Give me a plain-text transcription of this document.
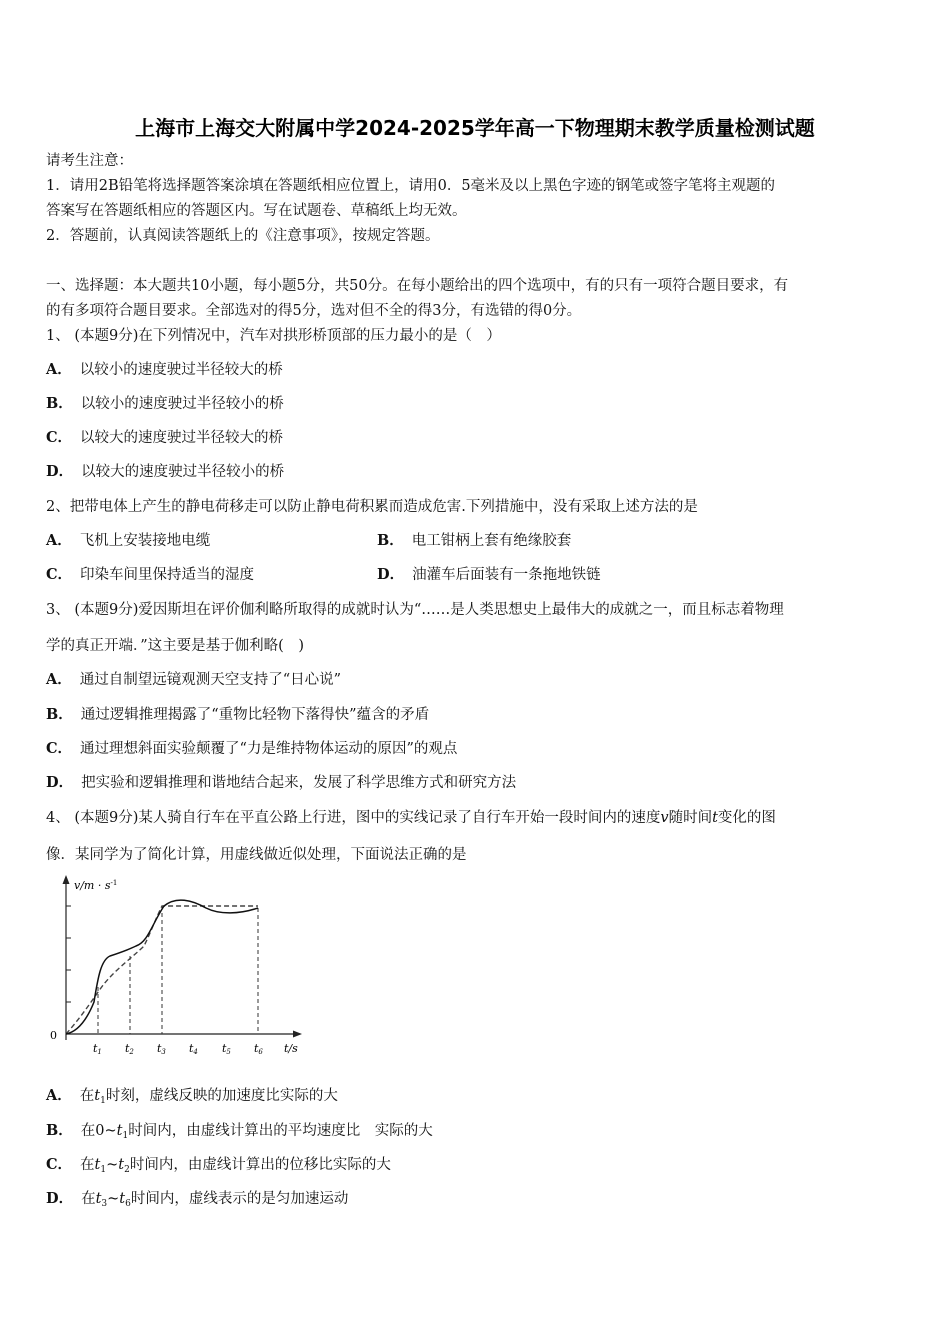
上海市上海交大附属中学2024-2025学年高一下物理期末教学质量检测试题
请考生注意：
1．请用2B铅笔将选择题答案涂填在答题纸相应位置上，请用0．5毫米及以上黑色字迹的钢笔或签字笔将主观题的
答案写在答题纸相应的答题区内。写在试题卷、草稿纸上均无效。
2．答题前，认真阅读答题纸上的《注意事项》，按规定答题。
一、选择题：本大题共10小题，每小题5分，共50分。在每小题给出的四个选项中，有的只有一项符合题目要求，有
的有多项符合题目要求。全部选对的得5分，选对但不全的得3分，有选错的得0分。
1、 (本题9分)在下列情况中，汽车对拱形桥顶部的压力最小的是（　）
A． 以较小的速度驶过半径较大的桥
B． 以较小的速度驶过半径较小的桥
C． 以较大的速度驶过半径较大的桥
D． 以较大的速度驶过半径较小的桥
2、把带电体上产生的静电荷移走可以防止静电荷积累而造成危害.下列措施中，没有采取上述方法的是
A． 飞机上安装接地电缆	B． 电工钳柄上套有绝缘胶套
C． 印染车间里保持适当的湿度	D． 油灌车后面装有一条拖地铁链
3、 (本题9分)爱因斯坦在评价伽利略所取得的成就时认为“……是人类思想史上最伟大的成就之一，而且标志着物理
学的真正开端．”这主要是基于伽利略(　)
A． 通过自制望远镜观测天空支持了“日心说”
B． 通过逻辑推理揭露了“重物比轻物下落得快”蕴含的矛盾
C． 通过理想斜面实验颠覆了“力是维持物体运动的原因”的观点
D． 把实验和逻辑推理和谐地结合起来，发展了科学思维方式和研究方法
4、 (本题9分)某人骑自行车在平直公路上行进，图中的实线记录了自行车开始一段时间内的速度v随时间t变化的图
像．某同学为了简化计算，用虚线做近似处理，下面说法正确的是
$v/m \cdot s^{-1}$
0
t/s
t1 t2 t3 t4 t5 t6
A． 在$t_1$时刻，虚线反映的加速度比实际的大
B． 在$0\sim t_1$时间内，由虚线计算出的平均速度比　实际的大
C． 在$t_1\sim t_2$时间内，由虚线计算出的位移比实际的大
D． 在$t_3\sim t_6$时间内，虚线表示的是匀加速运动
